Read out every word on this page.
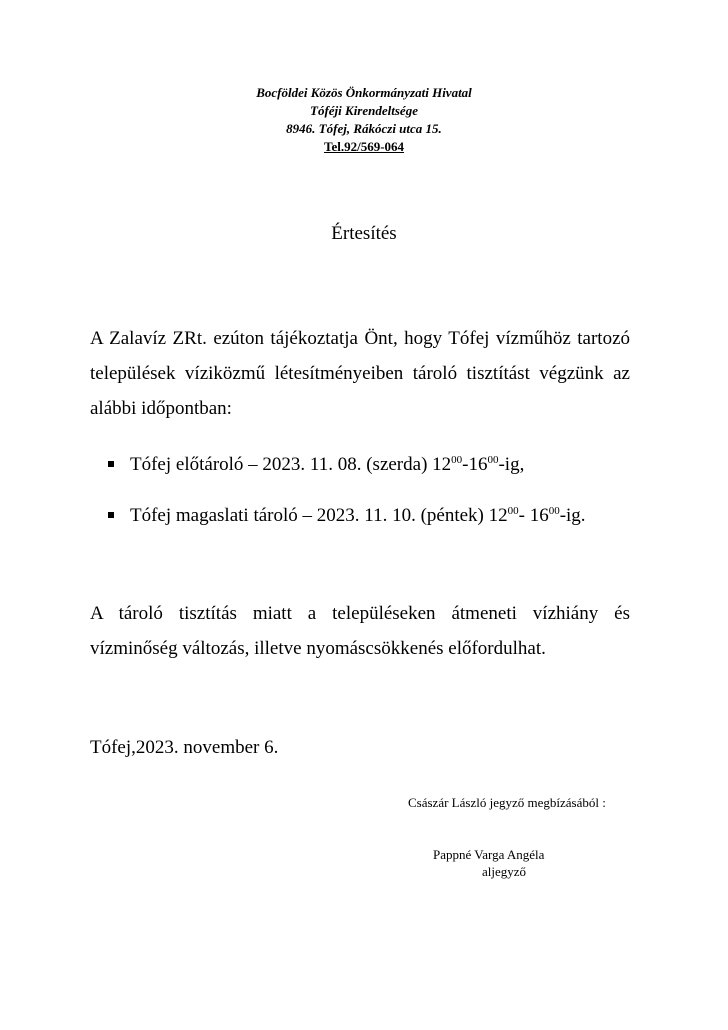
Bocföldei Közös Önkormányzati Hivatal
Tóféji Kirendeltsége
8946. Tófej, Rákóczi utca 15.
Tel.92/569-064
Értesítés
A Zalavíz ZRt. ezúton tájékoztatja Önt, hogy Tófej vízműhöz tartozó települések víziközmű létesítményeiben tároló tisztítást végzünk az alábbi időpontban:
Tófej előtároló – 2023. 11. 08. (szerda) $12^{00}-16^{00}-ig$,
Tófej magaslati tároló – 2023. 11. 10. (péntek) $12^{00}-$ $16^{00}-ig$.
A tároló tisztítás miatt a településeken átmeneti vízhiány és vízminőség változás, illetve nyomáscsökkenés előfordulhat.
Tófej,2023. november 6.
Császár László jegyző megbízásából :
Pappné Varga Angéla
aljegyző
